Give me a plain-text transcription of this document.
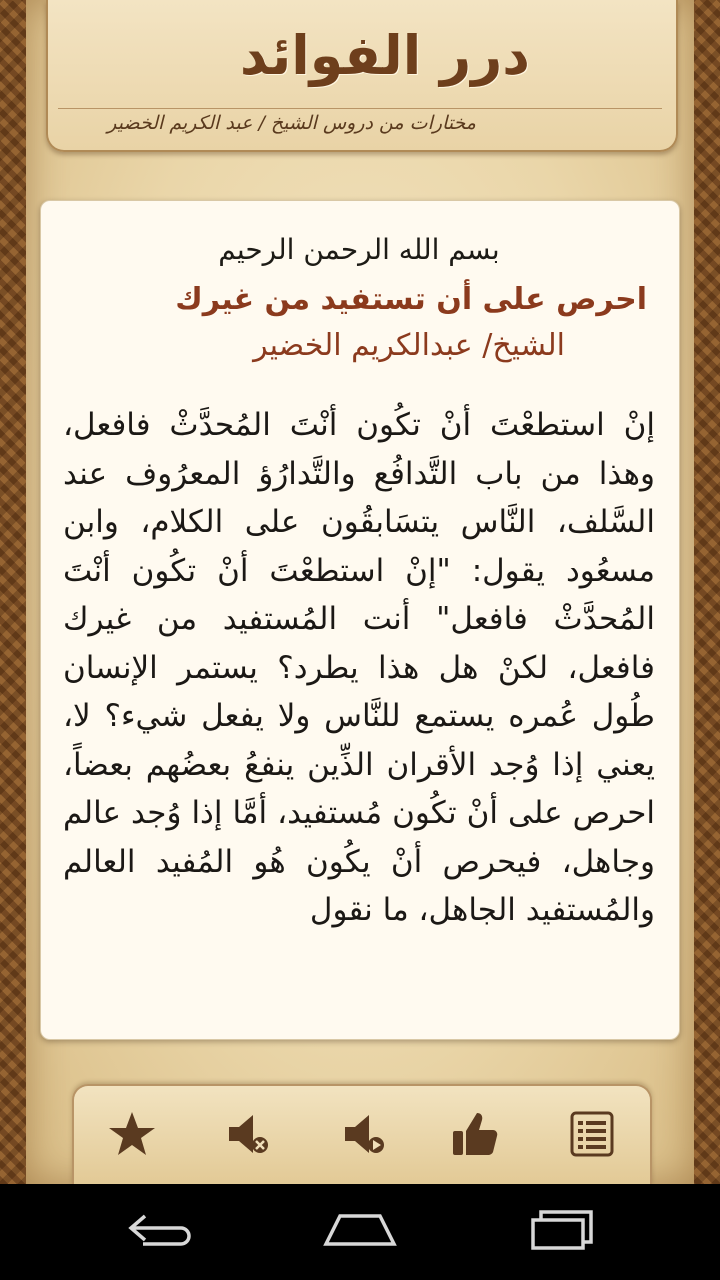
درر الفوائد
مختارات من دروس الشيخ / عبد الكريم الخضير

بسم الله الرحمن الرحيم

احرص على أن تستفيد من غيرك
الشيخ/ عبدالكريم الخضير
إنْ استطعْتَ أنْ تكُون أنْتَ المُحدَّثْ فافعل، وهذا من باب التَّدافُع والتَّدارُؤ المعرُوف عند السَّلف، النَّاس يتسَابقُون على الكلام، وابن مسعُود يقول: "إنْ استطعْتَ أنْ تكُون أنْتَ المُحدَّثْ فافعل" أنت المُستفيد من غيرك فافعل، لكنْ هل هذا يطرد؟ يستمر الإنسان طُول عُمره يستمع للنَّاس ولا يفعل شيء؟ لا، يعني إذا وُجد الأقران الذِّين ينفعُ بعضُهم بعضاً، احرص على أنْ تكُون مُستفيد، أمَّا إذا وُجد عالم وجاهل، فيحرص أنْ يكُون هُو المُفيد العالم والمُستفيد الجاهل، ما نقول
